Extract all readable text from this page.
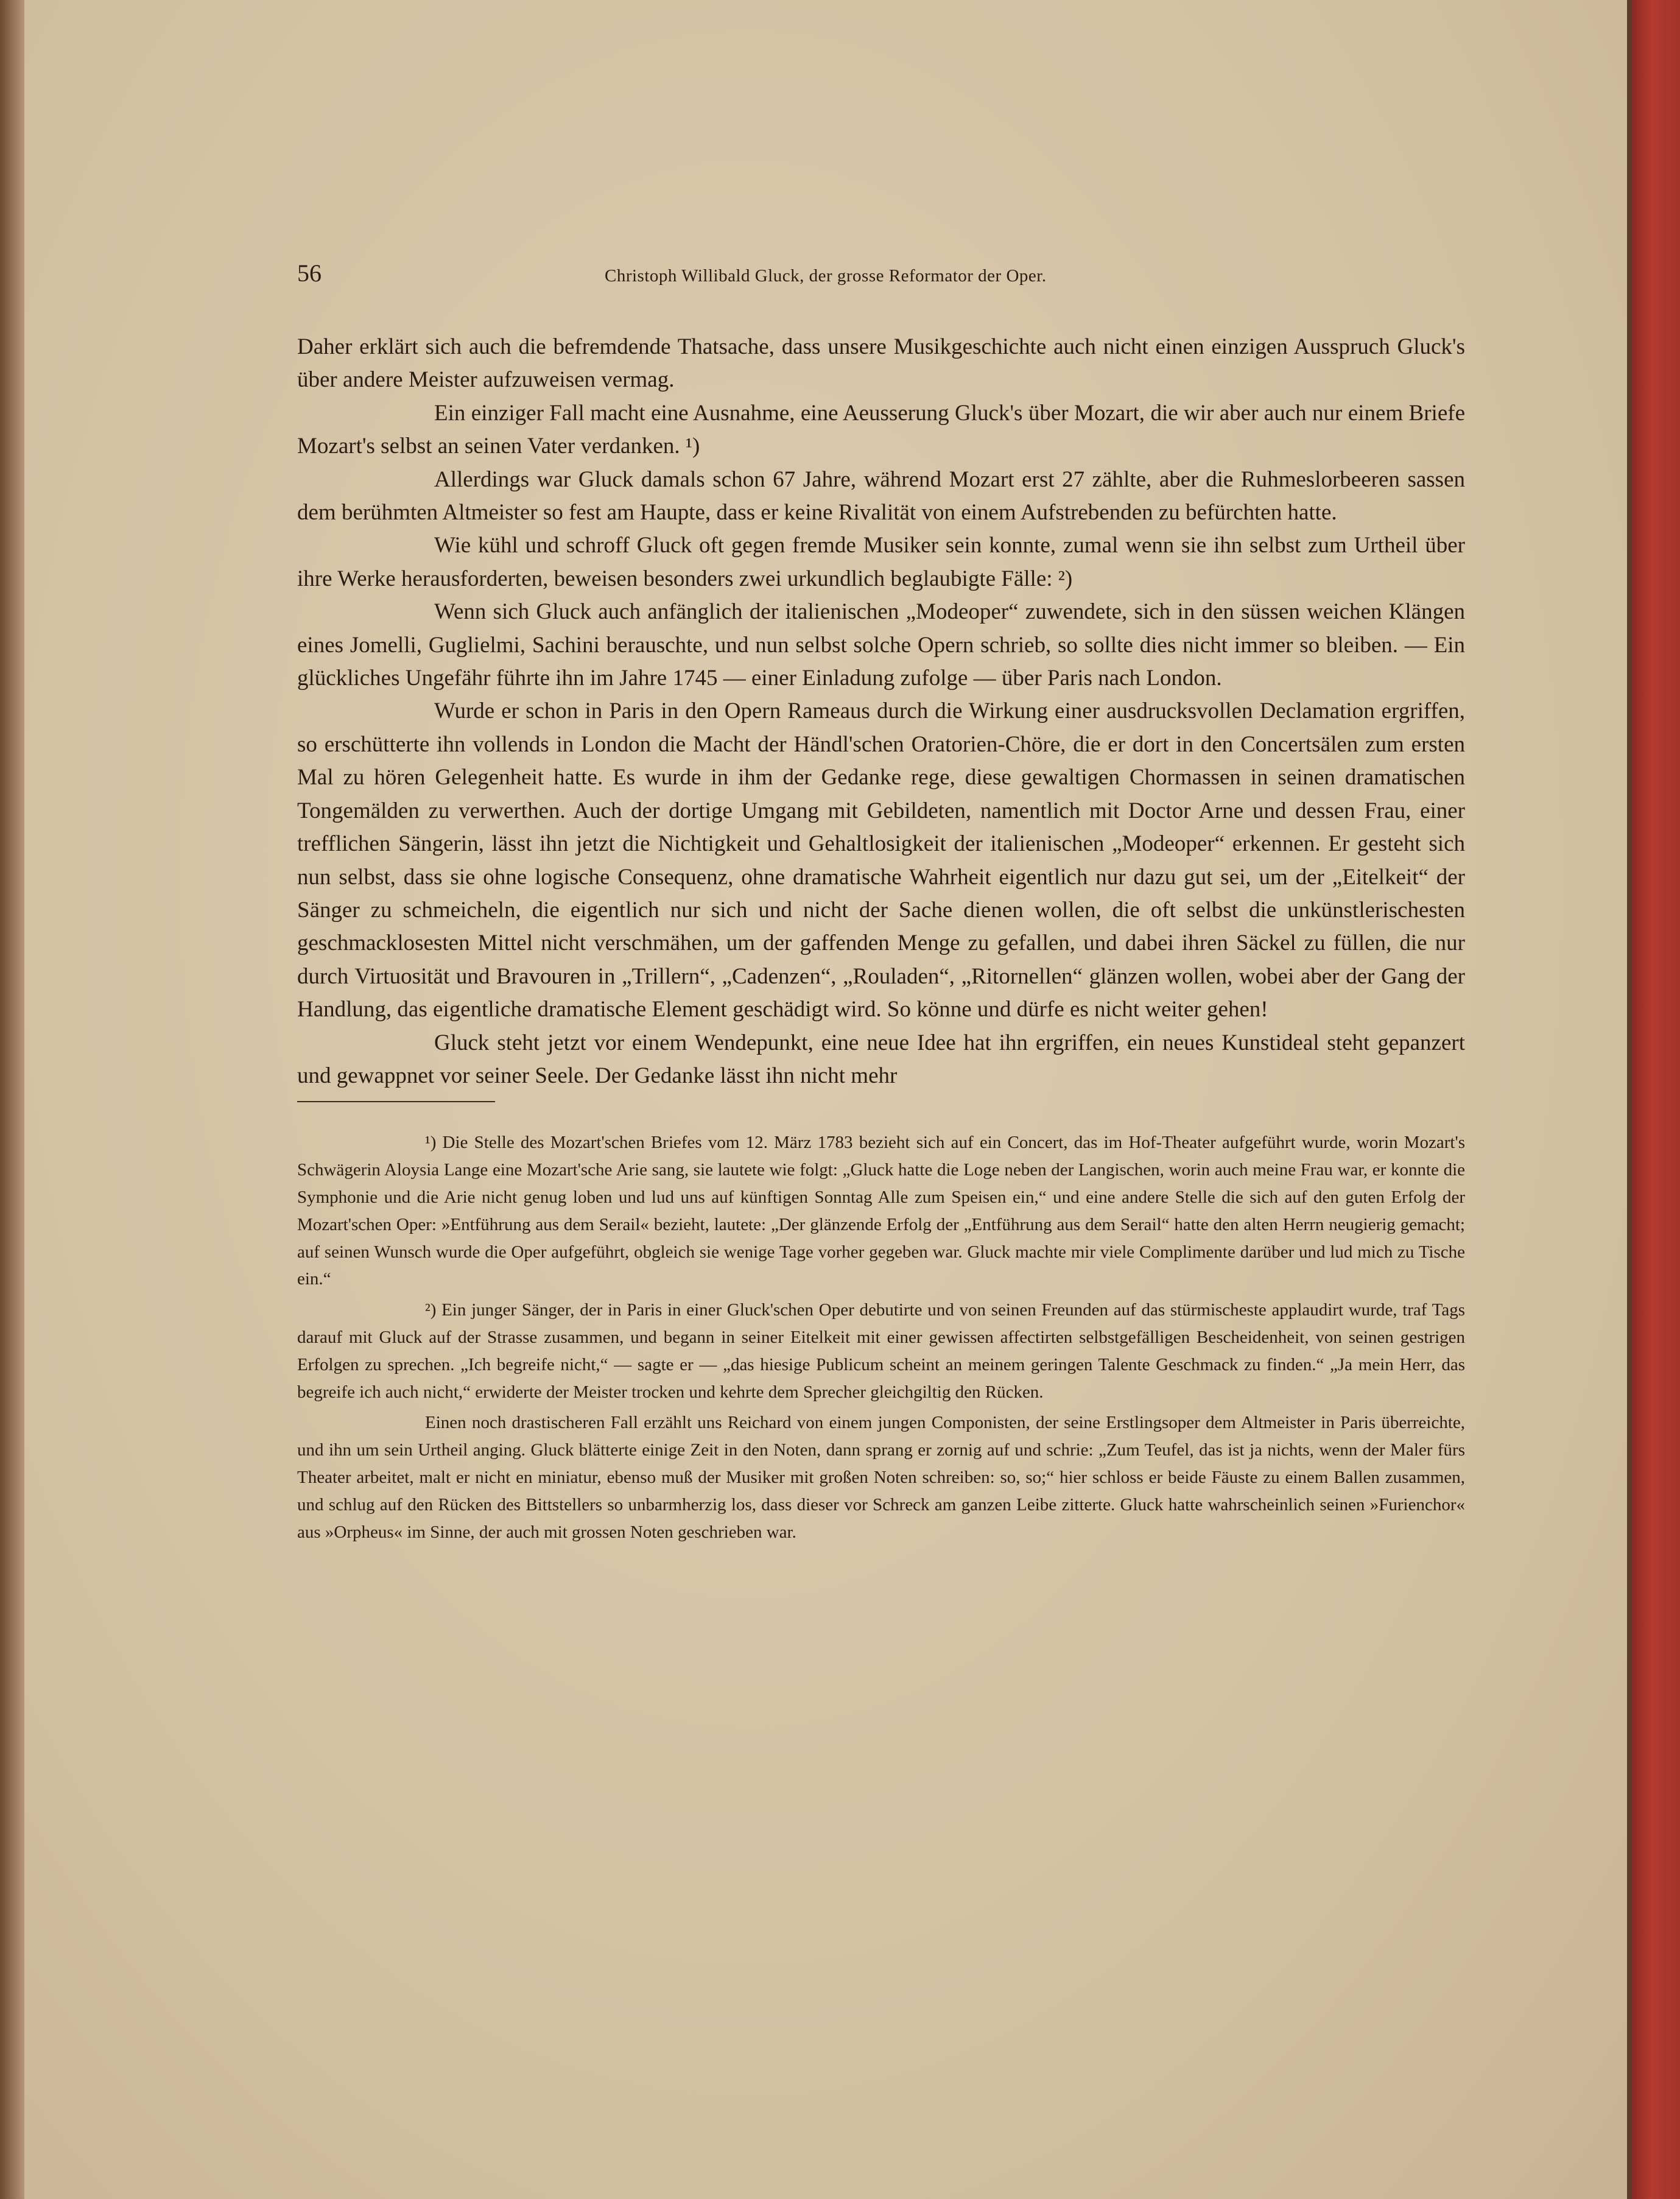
56	Christoph Willibald Gluck, der grosse Reformator der Oper.

Daher erklärt sich auch die befremdende Thatsache, dass unsere Musikgeschichte auch nicht einen einzigen Ausspruch Gluck's über andere Meister aufzuweisen vermag.

Ein einziger Fall macht eine Ausnahme, eine Aeusserung Gluck's über Mozart, die wir aber auch nur einem Briefe Mozart's selbst an seinen Vater verdanken. ¹)

Allerdings war Gluck damals schon 67 Jahre, während Mozart erst 27 zählte, aber die Ruhmeslorbeeren sassen dem berühmten Altmeister so fest am Haupte, dass er keine Rivalität von einem Aufstrebenden zu befürchten hatte.

Wie kühl und schroff Gluck oft gegen fremde Musiker sein konnte, zumal wenn sie ihn selbst zum Urtheil über ihre Werke herausforderten, beweisen besonders zwei urkundlich beglaubigte Fälle: ²)

Wenn sich Gluck auch anfänglich der italienischen „Modeoper“ zuwendete, sich in den süssen weichen Klängen eines Jomelli, Guglielmi, Sachini berauschte, und nun selbst solche Opern schrieb, so sollte dies nicht immer so bleiben. — Ein glückliches Ungefähr führte ihn im Jahre 1745 — einer Einladung zufolge — über Paris nach London.

Wurde er schon in Paris in den Opern Rameaus durch die Wirkung einer ausdrucksvollen Declamation ergriffen, so erschütterte ihn vollends in London die Macht der Händl'schen Oratorien-Chöre, die er dort in den Concertsälen zum ersten Mal zu hören Gelegenheit hatte. Es wurde in ihm der Gedanke rege, diese gewaltigen Chormassen in seinen dramatischen Tongemälden zu verwerthen. Auch der dortige Umgang mit Gebildeten, namentlich mit Doctor Arne und dessen Frau, einer trefflichen Sängerin, lässt ihn jetzt die Nichtigkeit und Gehaltlosigkeit der italienischen „Modeoper“ erkennen. Er gesteht sich nun selbst, dass sie ohne logische Consequenz, ohne dramatische Wahrheit eigentlich nur dazu gut sei, um der „Eitelkeit“ der Sänger zu schmeicheln, die eigentlich nur sich und nicht der Sache dienen wollen, die oft selbst die unkünstlerischesten geschmacklosesten Mittel nicht verschmähen, um der gaffenden Menge zu gefallen, und dabei ihren Säckel zu füllen, die nur durch Virtuosität und Bravouren in „Trillern“, „Cadenzen“, „Rouladen“, „Ritornellen“ glänzen wollen, wobei aber der Gang der Handlung, das eigentliche dramatische Element geschädigt wird. So könne und dürfe es nicht weiter gehen!

Gluck steht jetzt vor einem Wendepunkt, eine neue Idee hat ihn ergriffen, ein neues Kunstideal steht gepanzert und gewappnet vor seiner Seele. Der Gedanke lässt ihn nicht mehr

¹) Die Stelle des Mozart'schen Briefes vom 12. März 1783 bezieht sich auf ein Concert, das im Hof-Theater aufgeführt wurde, worin Mozart's Schwägerin Aloysia Lange eine Mozart'sche Arie sang, sie lautete wie folgt: „Gluck hatte die Loge neben der Langischen, worin auch meine Frau war, er konnte die Symphonie und die Arie nicht genug loben und lud uns auf künftigen Sonntag Alle zum Speisen ein,“ und eine andere Stelle die sich auf den guten Erfolg der Mozart'schen Oper: »Entführung aus dem Serail« bezieht, lautete: „Der glänzende Erfolg der „Entführung aus dem Serail“ hatte den alten Herrn neugierig gemacht; auf seinen Wunsch wurde die Oper aufgeführt, obgleich sie wenige Tage vorher gegeben war. Gluck machte mir viele Complimente darüber und lud mich zu Tische ein.“

²) Ein junger Sänger, der in Paris in einer Gluck'schen Oper debutirte und von seinen Freunden auf das stürmischeste applaudirt wurde, traf Tags darauf mit Gluck auf der Strasse zusammen, und begann in seiner Eitelkeit mit einer gewissen affectirten selbstgefälligen Bescheidenheit, von seinen gestrigen Erfolgen zu sprechen. „Ich begreife nicht,“ — sagte er — „das hiesige Publicum scheint an meinem geringen Talente Geschmack zu finden.“ „Ja mein Herr, das begreife ich auch nicht,“ erwiderte der Meister trocken und kehrte dem Sprecher gleichgiltig den Rücken.

Einen noch drastischeren Fall erzählt uns Reichard von einem jungen Componisten, der seine Erstlingsoper dem Altmeister in Paris überreichte, und ihn um sein Urtheil anging. Gluck blätterte einige Zeit in den Noten, dann sprang er zornig auf und schrie: „Zum Teufel, das ist ja nichts, wenn der Maler fürs Theater arbeitet, malt er nicht en miniatur, ebenso muß der Musiker mit großen Noten schreiben: so, so;“ hier schloss er beide Fäuste zu einem Ballen zusammen, und schlug auf den Rücken des Bittstellers so unbarmherzig los, dass dieser vor Schreck am ganzen Leibe zitterte. Gluck hatte wahrscheinlich seinen »Furienchor« aus »Orpheus« im Sinne, der auch mit grossen Noten geschrieben war.
